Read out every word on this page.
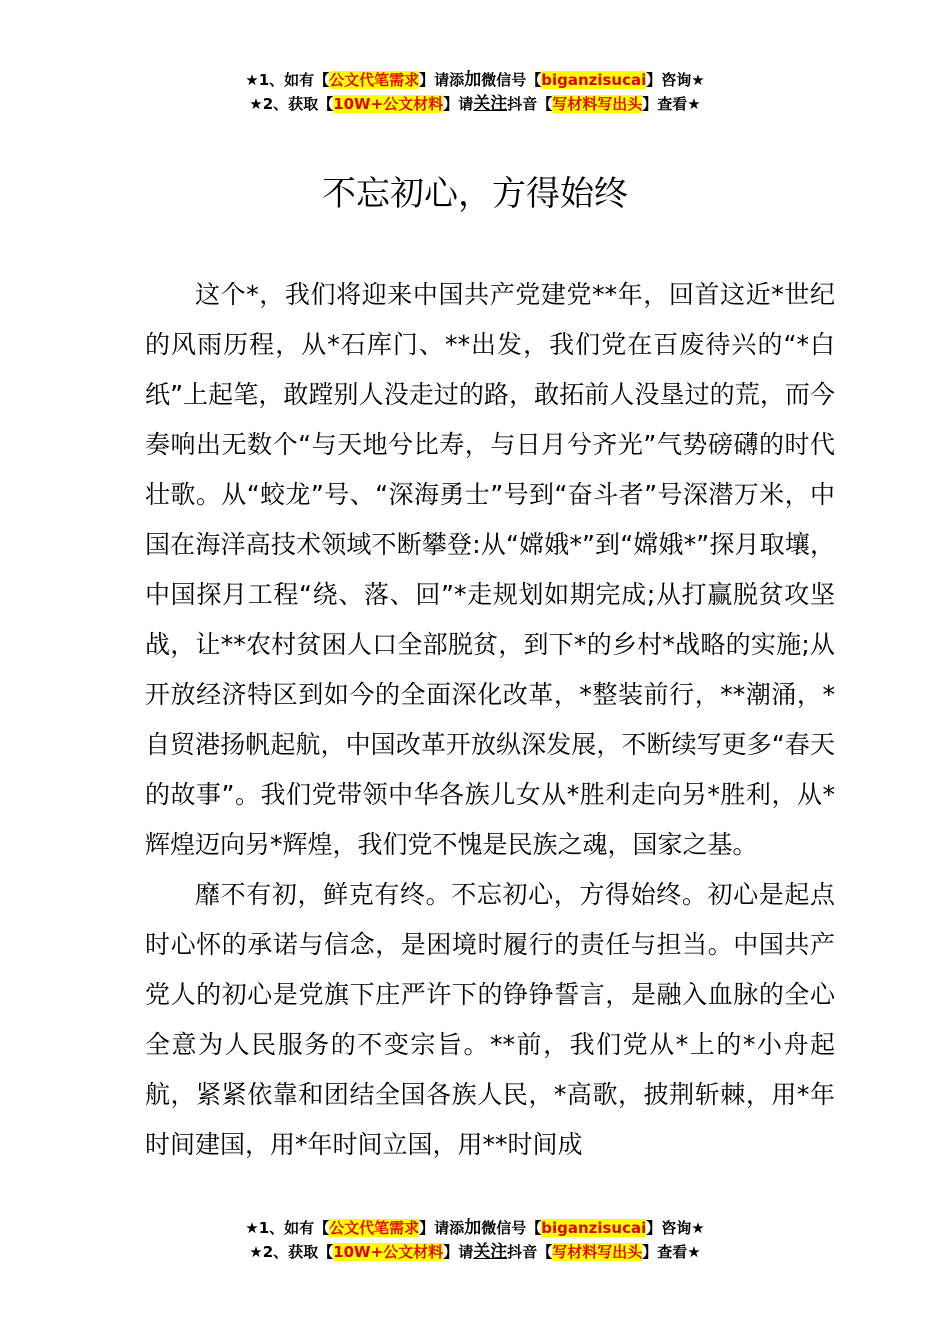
★1、如有【公文代笔需求】请添加微信号【biganzisucai】咨询★
★2、获取【10W+公文材料】请关注抖音【写材料写出头】查看★
不忘初心，方得始终

这个*，我们将迎来中国共产党建党**年，回首这近*世纪的风雨历程，从*石库门、**出发，我们党在百废待兴的“*白纸”上起笔，敢蹚别人没走过的路，敢拓前人没垦过的荒，而今奏响出无数个“与天地兮比寿，与日月兮齐光”气势磅礴的时代壮歌。从“蛟龙”号、“深海勇士”号到“奋斗者”号深潜万米，中国在海洋高技术领域不断攀登:从“嫦娥*”到“嫦娥*”探月取壤，中国探月工程“绕、落、回”*走规划如期完成;从打赢脱贫攻坚战，让**农村贫困人口全部脱贫，到下*的乡村*战略的实施;从开放经济特区到如今的全面深化改革，*整装前行，**潮涌，*自贸港扬帆起航，中国改革开放纵深发展，不断续写更多“春天的故事”。我们党带领中华各族儿女从*胜利走向另*胜利，从*辉煌迈向另*辉煌，我们党不愧是民族之魂，国家之基。

靡不有初，鲜克有终。不忘初心，方得始终。初心是起点时心怀的承诺与信念，是困境时履行的责任与担当。中国共产党人的初心是党旗下庄严许下的铮铮誓言，是融入血脉的全心全意为人民服务的不变宗旨。**前，我们党从*上的*小舟起航，紧紧依靠和团结全国各族人民，*高歌，披荆斩棘，用*年时间建国，用*年时间立国，用**时间成

★1、如有【公文代笔需求】请添加微信号【biganzisucai】咨询★
★2、获取【10W+公文材料】请关注抖音【写材料写出头】查看★
